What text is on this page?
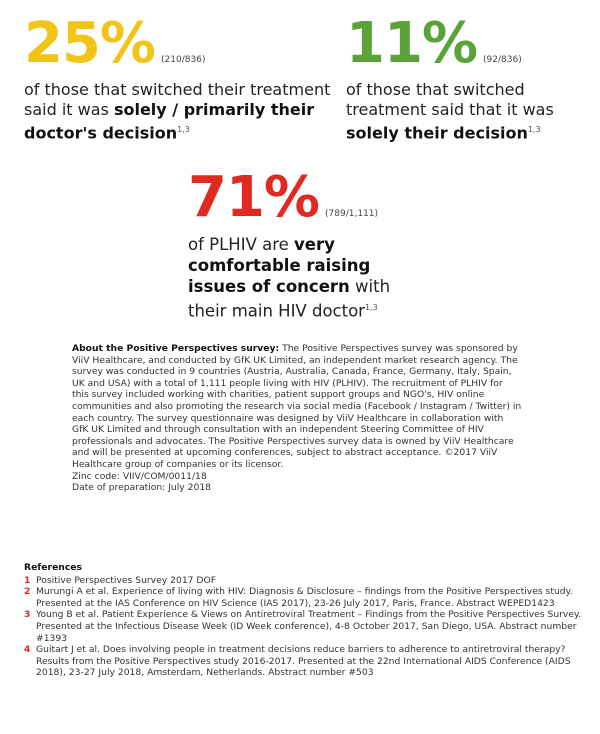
25% (210/836)
of those that switched their treatment said it was solely / primarily their doctor's decision$^{1,3}$
11% (92/836)
of those that switched treatment said that it was solely their decision$^{1,3}$
71% (789/1,111)
of PLHIV are very comfortable raising issues of concern with their main HIV doctor$^{1,3}$
About the Positive Perspectives survey: The Positive Perspectives survey was sponsored by ViiV Healthcare, and conducted by GfK UK Limited, an independent market research agency. The survey was conducted in 9 countries (Austria, Australia, Canada, France, Germany, Italy, Spain, UK and USA) with a total of 1,111 people living with HIV (PLHIV). The recruitment of PLHIV for this survey included working with charities, patient support groups and NGO's, HIV online communities and also promoting the research via social media (Facebook / Instagram / Twitter) in each country. The survey questionnaire was designed by ViiV Healthcare in collaboration with GfK UK Limited and through consultation with an independent Steering Committee of HIV professionals and advocates. The Positive Perspectives survey data is owned by ViiV Healthcare and will be presented at upcoming conferences, subject to abstract acceptance. ©2017 ViiV Healthcare group of companies or its licensor.
Zinc code: VIIV/COM/0011/18
Date of preparation: July 2018
References
1 Positive Perspectives Survey 2017 DOF
2 Murungi A et al. Experience of living with HIV: Diagnosis & Disclosure – findings from the Positive Perspectives study. Presented at the IAS Conference on HIV Science (IAS 2017), 23-26 July 2017, Paris, France. Abstract WEPED1423
3 Young B et al. Patient Experience & Views on Antiretroviral Treatment – Findings from the Positive Perspectives Survey. Presented at the Infectious Disease Week (ID Week conference), 4-8 October 2017, San Diego, USA. Abstract number #1393
4 Guitart J et al. Does involving people in treatment decisions reduce barriers to adherence to antiretroviral therapy? Results from the Positive Perspectives study 2016-2017. Presented at the 22nd International AIDS Conference (AIDS 2018), 23-27 July 2018, Amsterdam, Netherlands. Abstract number #503
